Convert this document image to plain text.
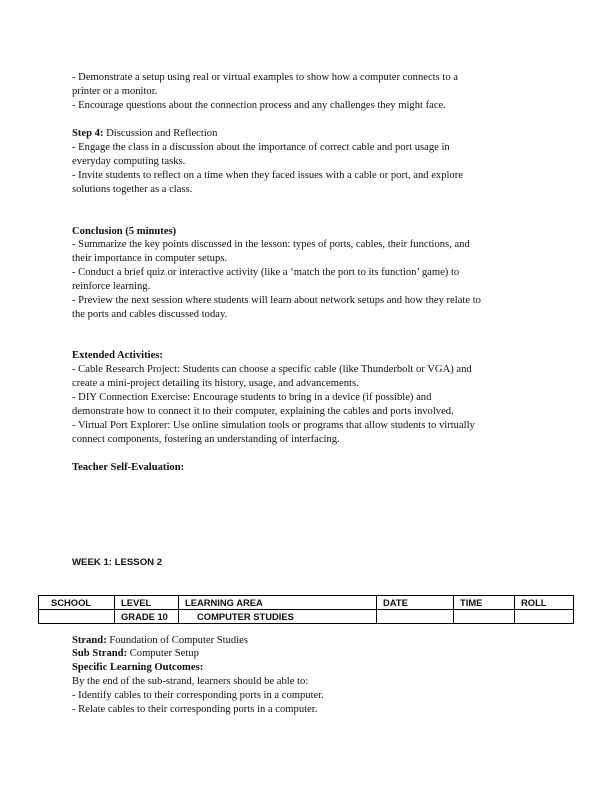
- Demonstrate a setup using real or virtual examples to show how a computer connects to a
printer or a monitor.
- Encourage questions about the connection process and any challenges they might face.
Step 4: Discussion and Reflection
- Engage the class in a discussion about the importance of correct cable and port usage in
everyday computing tasks.
- Invite students to reflect on a time when they faced issues with a cable or port, and explore
solutions together as a class.
Conclusion (5 minutes)
- Summarize the key points discussed in the lesson: types of ports, cables, their functions, and
their importance in computer setups.
- Conduct a brief quiz or interactive activity (like a ‘match the port to its function’ game) to
reinforce learning.
- Preview the next session where students will learn about network setups and how they relate to
the ports and cables discussed today.
Extended Activities:
- Cable Research Project: Students can choose a specific cable (like Thunderbolt or VGA) and
create a mini-project detailing its history, usage, and advancements.
- DIY Connection Exercise: Encourage students to bring in a device (if possible) and
demonstrate how to connect it to their computer, explaining the cables and ports involved.
- Virtual Port Explorer: Use online simulation tools or programs that allow students to virtually
connect components, fostering an understanding of interfacing.
Teacher Self-Evaluation:
WEEK 1: LESSON 2
SCHOOL	LEVEL	LEARNING AREA	DATE	TIME	ROLL
	GRADE 10	COMPUTER STUDIES			
Strand: Foundation of Computer Studies
Sub Strand: Computer Setup
Specific Learning Outcomes:
By the end of the sub-strand, learners should be able to:
- Identify cables to their corresponding ports in a computer.
- Relate cables to their corresponding ports in a computer.
